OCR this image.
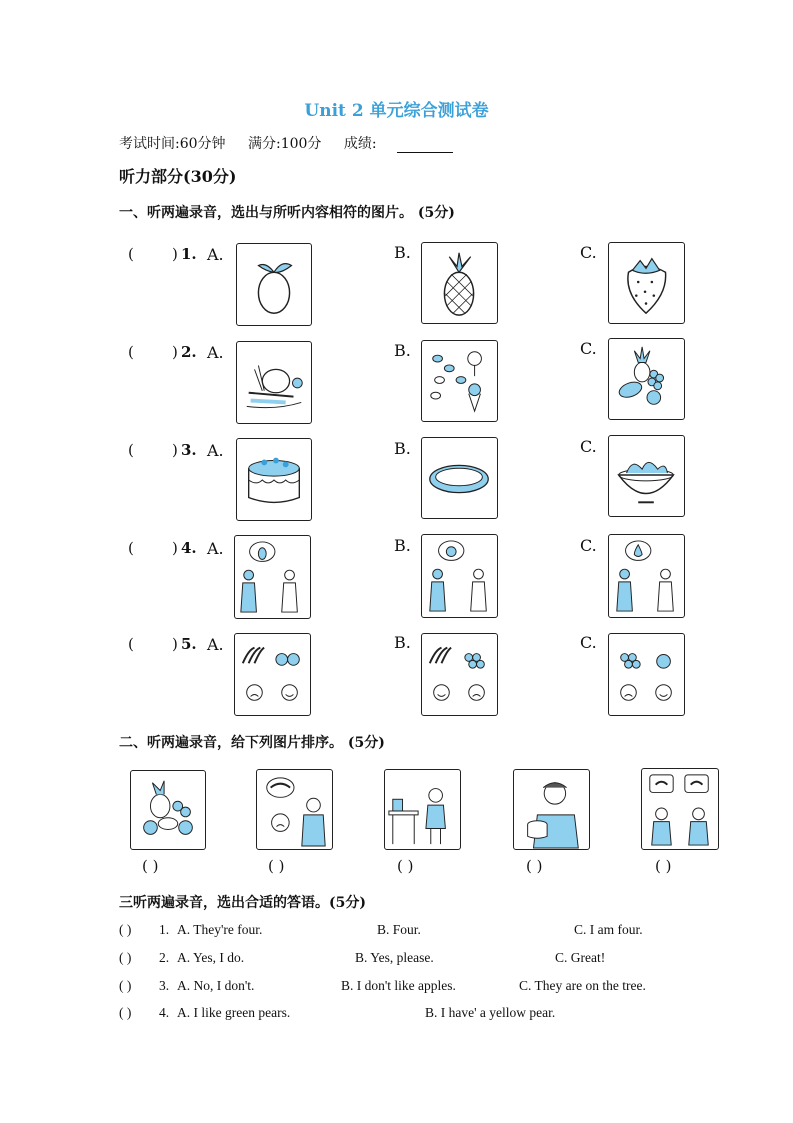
Unit 2 单元综合测试卷
考试时间:60分钟 满分:100分 成绩:
听力部分(30分)
一、听两遍录音，选出与所听内容相符的图片。 (5分)
(	) 1. A.	B.	C.
(	) 2. A.	B.	C.
(	) 3. A.	B.	C.
(	) 4. A.	B.	C.
(	) 5. A.	B.	C.
二、听两遍录音，给下列图片排序。 (5分)
( )	( )	( )	( )	( )
三听两遍录音，选出合适的答语。(5分)
( ) 1. A. They're four.	B. Four.	C. I am four.
( ) 2. A. Yes, I do.	B. Yes, please.	C. Great!
( ) 3. A. No, I don't.	B. I don't like apples.	C. They are on the tree.
( ) 4. A. I like green pears.	B. I have' a yellow pear.
